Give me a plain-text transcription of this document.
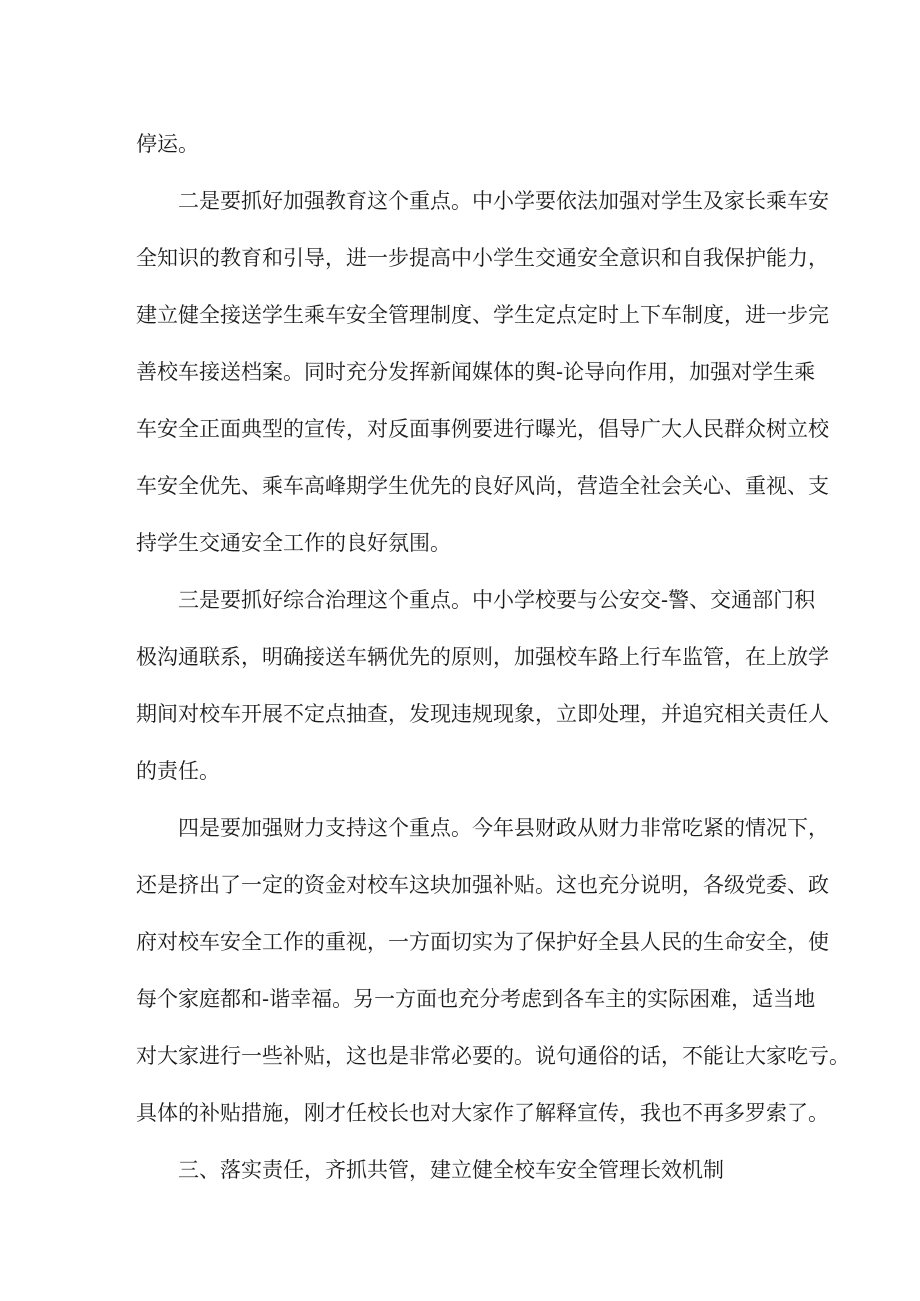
停运。
二是要抓好加强教育这个重点。中小学要依法加强对学生及家长乘车安
全知识的教育和引导，进一步提高中小学生交通安全意识和自我保护能力，
建立健全接送学生乘车安全管理制度、学生定点定时上下车制度，进一步完
善校车接送档案。同时充分发挥新闻媒体的舆-论导向作用，加强对学生乘
车安全正面典型的宣传，对反面事例要进行曝光，倡导广大人民群众树立校
车安全优先、乘车高峰期学生优先的良好风尚，营造全社会关心、重视、支
持学生交通安全工作的良好氛围。
三是要抓好综合治理这个重点。中小学校要与公安交-警、交通部门积
极沟通联系，明确接送车辆优先的原则，加强校车路上行车监管，在上放学
期间对校车开展不定点抽查，发现违规现象，立即处理，并追究相关责任人
的责任。
四是要加强财力支持这个重点。今年县财政从财力非常吃紧的情况下，
还是挤出了一定的资金对校车这块加强补贴。这也充分说明，各级党委、政
府对校车安全工作的重视，一方面切实为了保护好全县人民的生命安全，使
每个家庭都和-谐幸福。另一方面也充分考虑到各车主的实际困难，适当地
对大家进行一些补贴，这也是非常必要的。说句通俗的话，不能让大家吃亏。
具体的补贴措施，刚才任校长也对大家作了解释宣传，我也不再多罗索了。
三、落实责任，齐抓共管，建立健全校车安全管理长效机制
